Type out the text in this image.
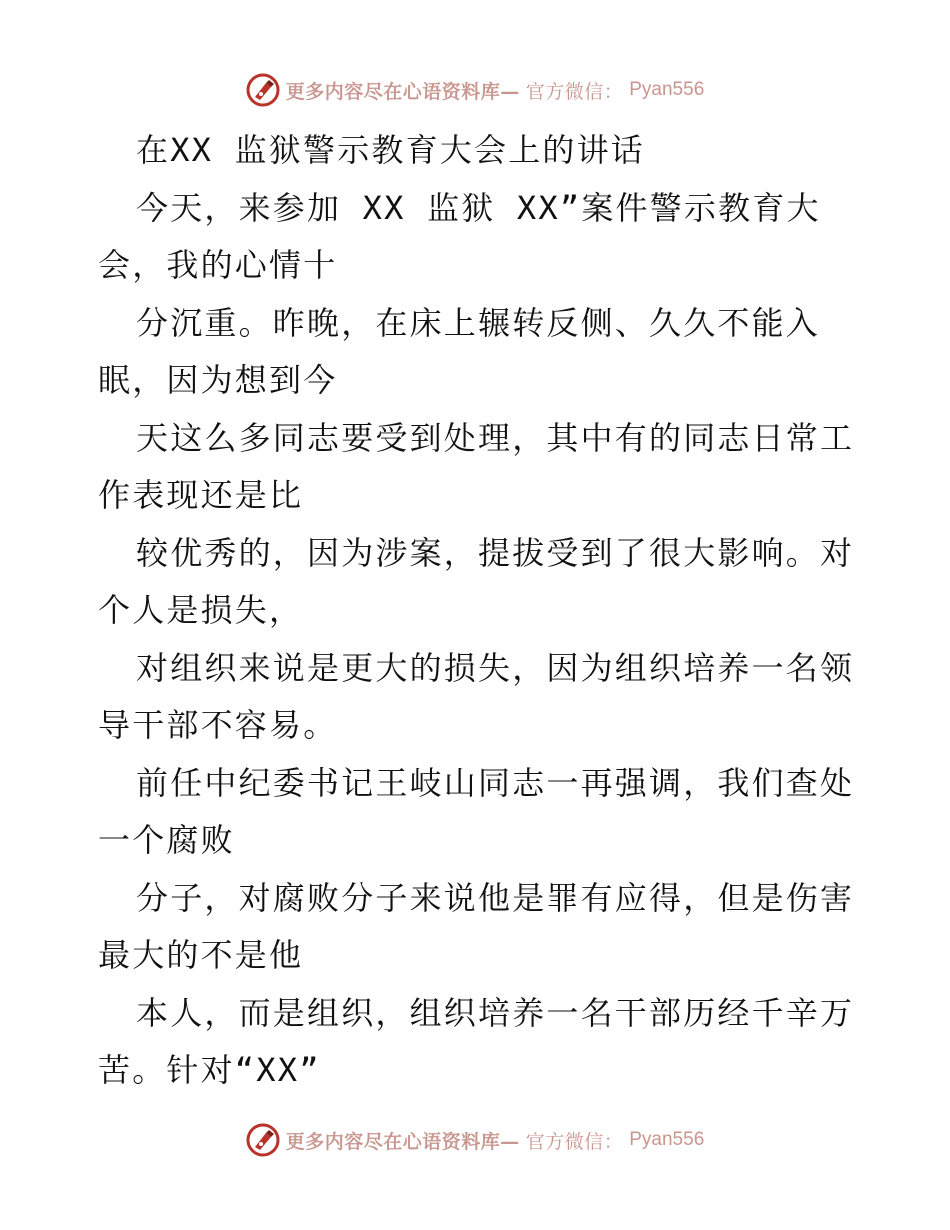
更多内容尽在心语资料库— 官方微信： Pyan556
在XX 监狱警示教育大会上的讲话
今天，来参加 XX 监狱 XX”案件警示教育大
会，我的心情十
分沉重。昨晚，在床上辗转反侧、久久不能入
眠，因为想到今
天这么多同志要受到处理，其中有的同志日常工
作表现还是比
较优秀的，因为涉案，提拔受到了很大影响。对
个人是损失，
对组织来说是更大的损失，因为组织培养一名领
导干部不容易。
前任中纪委书记王岐山同志一再强调，我们查处
一个腐败
分子，对腐败分子来说他是罪有应得，但是伤害
最大的不是他
本人，而是组织，组织培养一名干部历经千辛万
苦。针对“XX”
更多内容尽在心语资料库— 官方微信： Pyan556
